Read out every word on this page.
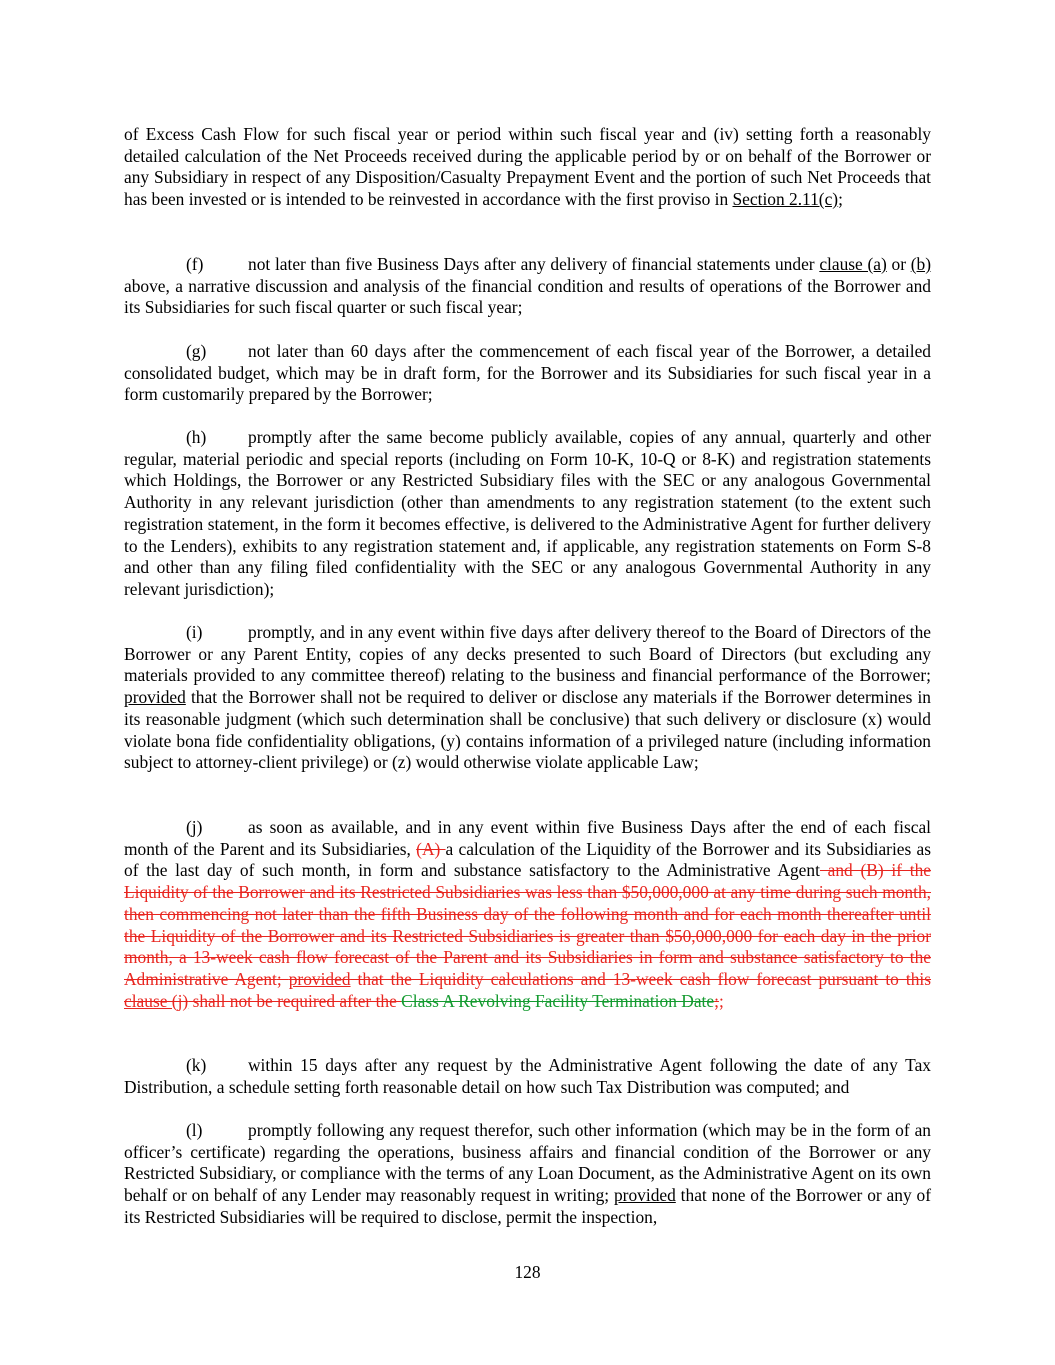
of Excess Cash Flow for such fiscal year or period within such fiscal year and (iv) setting forth a reasonably detailed calculation of the Net Proceeds received during the applicable period by or on behalf of the Borrower or any Subsidiary in respect of any Disposition/Casualty Prepayment Event and the portion of such Net Proceeds that has been invested or is intended to be reinvested in accordance with the first proviso in Section 2.11(c);

(f)	not later than five Business Days after any delivery of financial statements under clause (a) or (b) above, a narrative discussion and analysis of the financial condition and results of operations of the Borrower and its Subsidiaries for such fiscal quarter or such fiscal year;

(g) not later than 60 days after the commencement of each fiscal year of the Borrower, a detailed consolidated budget, which may be in draft form, for the Borrower and its Subsidiaries for such fiscal year in a form customarily prepared by the Borrower;

(h) promptly after the same become publicly available, copies of any annual, quarterly and other regular, material periodic and special reports (including on Form 10-K, 10-Q or 8-K) and registration statements which Holdings, the Borrower or any Restricted Subsidiary files with the SEC or any analogous Governmental Authority in any relevant jurisdiction (other than amendments to any registration statement (to the extent such registration statement, in the form it becomes effective, is delivered to the Administrative Agent for further delivery to the Lenders), exhibits to any registration statement and, if applicable, any registration statements on Form S-8 and other than any filing filed confidentiality with the SEC or any analogous Governmental Authority in any relevant jurisdiction);

(i)	promptly, and in any event within five days after delivery thereof to the Board of Directors of the Borrower or any Parent Entity, copies of any decks presented to such Board of Directors (but excluding any materials provided to any committee thereof) relating to the business and financial performance of the Borrower; provided that the Borrower shall not be required to deliver or disclose any materials if the Borrower determines in its reasonable judgment (which such determination shall be conclusive) that such delivery or disclosure (x) would violate bona fide confidentiality obligations, (y) contains information of a privileged nature (including information subject to attorney-client privilege) or (z) would otherwise violate applicable Law;

(j)	as soon as available, and in any event within five Business Days after the end of each fiscal month of the Parent and its Subsidiaries, (A) a calculation of the Liquidity of the Borrower and its Subsidiaries as of the last day of such month, in form and substance satisfactory to the Administrative Agent and (B) if the Liquidity of the Borrower and its Restricted Subsidiaries was less than $50,000,000 at any time during such month, then commencing not later than the fifth Business day of the following month and for each month thereafter until the Liquidity of the Borrower and its Restricted Subsidiaries is greater than $50,000,000 for each day in the prior month, a 13-week cash flow forecast of the Parent and its Subsidiaries in form and substance satisfactory to the Administrative Agent; provided that the Liquidity calculations and 13-week cash flow forecast pursuant to this clause (j) shall not be required after the Class A Revolving Facility Termination Date;;

(k) within 15 days after any request by the Administrative Agent following the date of any Tax Distribution, a schedule setting forth reasonable detail on how such Tax Distribution was computed; and

(l)	promptly following any request therefor, such other information (which may be in the form of an officer’s certificate) regarding the operations, business affairs and financial condition of the Borrower or any Restricted Subsidiary, or compliance with the terms of any Loan Document, as the Administrative Agent on its own behalf or on behalf of any Lender may reasonably request in writing; provided that none of the Borrower or any of its Restricted Subsidiaries will be required to disclose, permit the inspection,

128
